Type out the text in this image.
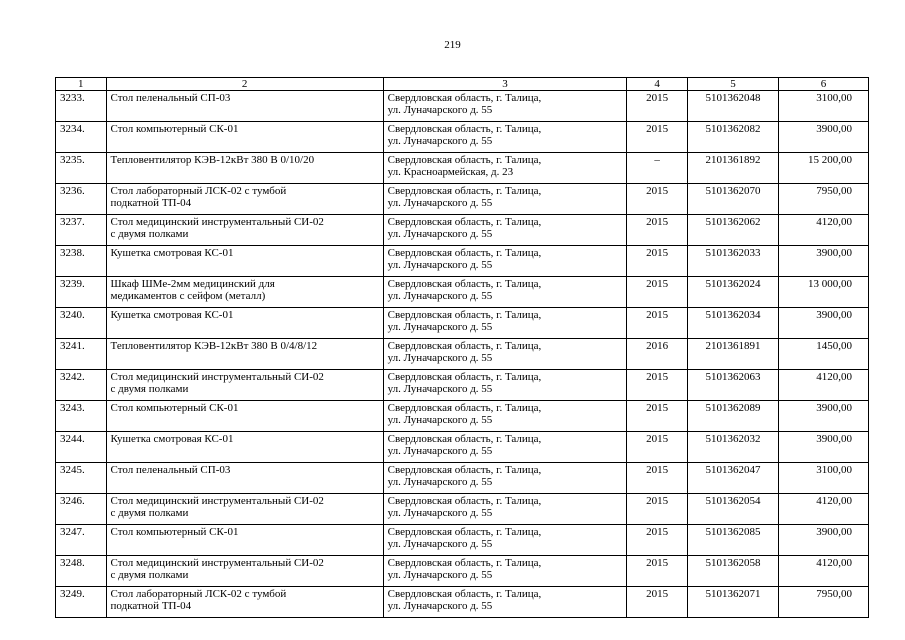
219
1	2	3	4	5	6
3233.	Стол пеленальный СП-03	Свердловская область, г. Талица,
ул. Луначарского д. 55	2015	5101362048	3100,00
3234.	Стол компьютерный СК-01	Свердловская область, г. Талица,
ул. Луначарского д. 55	2015	5101362082	3900,00
3235.	Тепловентилятор КЭВ-12кВт 380 В 0/10/20	Свердловская область, г. Талица,
ул. Красноармейская, д. 23	–	2101361892	15 200,00
3236.	Стол лабораторный ЛСК-02 с тумбой
подкатной ТП-04	Свердловская область, г. Талица,
ул. Луначарского д. 55	2015	5101362070	7950,00
3237.	Стол медицинский инструментальный СИ-02
с двумя полками	Свердловская область, г. Талица,
ул. Луначарского д. 55	2015	5101362062	4120,00
3238.	Кушетка смотровая КС-01	Свердловская область, г. Талица,
ул. Луначарского д. 55	2015	5101362033	3900,00
3239.	Шкаф ШМе-2мм медицинский для
медикаментов с сейфом (металл)	Свердловская область, г. Талица,
ул. Луначарского д. 55	2015	5101362024	13 000,00
3240.	Кушетка смотровая КС-01	Свердловская область, г. Талица,
ул. Луначарского д. 55	2015	5101362034	3900,00
3241.	Тепловентилятор КЭВ-12кВт 380 В 0/4/8/12	Свердловская область, г. Талица,
ул. Луначарского д. 55	2016	2101361891	1450,00
3242.	Стол медицинский инструментальный СИ-02
с двумя полками	Свердловская область, г. Талица,
ул. Луначарского д. 55	2015	5101362063	4120,00
3243.	Стол компьютерный СК-01	Свердловская область, г. Талица,
ул. Луначарского д. 55	2015	5101362089	3900,00
3244.	Кушетка смотровая КС-01	Свердловская область, г. Талица,
ул. Луначарского д. 55	2015	5101362032	3900,00
3245.	Стол пеленальный СП-03	Свердловская область, г. Талица,
ул. Луначарского д. 55	2015	5101362047	3100,00
3246.	Стол медицинский инструментальный СИ-02
с двумя полками	Свердловская область, г. Талица,
ул. Луначарского д. 55	2015	5101362054	4120,00
3247.	Стол компьютерный СК-01	Свердловская область, г. Талица,
ул. Луначарского д. 55	2015	5101362085	3900,00
3248.	Стол медицинский инструментальный СИ-02
с двумя полками	Свердловская область, г. Талица,
ул. Луначарского д. 55	2015	5101362058	4120,00
3249.	Стол лабораторный ЛСК-02 с тумбой
подкатной ТП-04	Свердловская область, г. Талица,
ул. Луначарского д. 55	2015	5101362071	7950,00
